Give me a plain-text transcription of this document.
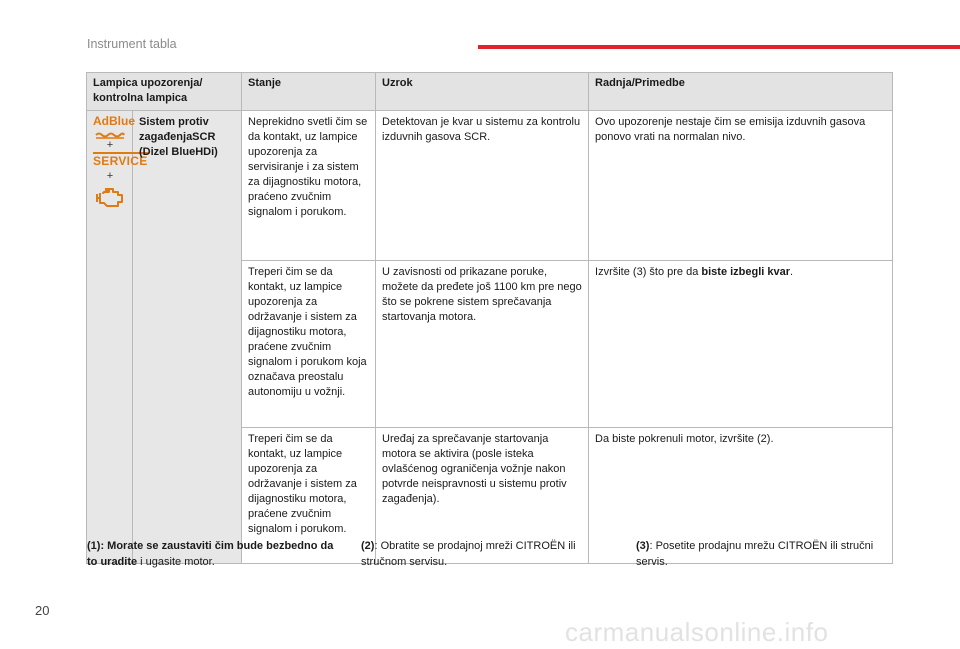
Instrument tabla
Lampica upozorenja/
kontrolna lampica		Stanje	Uzrok	Radnja/Primedbe

AdBlue
+
SERVICE
+	Sistem protiv zagađenjaSCR (Dizel BlueHDi)	Neprekidno svetli čim se da kontakt, uz lampice upozorenja za servisiranje i za sistem za dijagnostiku motora, praćeno zvučnim signalom i porukom.	Detektovan je kvar u sistemu za kontrolu izduvnih gasova SCR.	Ovo upozorenje nestaje čim se emisija izduvnih gasova ponovo vrati na normalan nivo.
		Treperi čim se da kontakt, uz lampice upozorenja za održavanje i sistem za dijagnostiku motora, praćene zvučnim signalom i porukom koja označava preostalu autonomiju u vožnji.	U zavisnosti od prikazane poruke, možete da pređete još 1100 km pre nego što se pokrene sistem sprečavanja startovanja motora.	Izvršite (3) što pre da biste izbegli kvar.
		Treperi čim se da kontakt, uz lampice upozorenja za održavanje i sistem za dijagnostiku motora, praćene zvučnim signalom i porukom.	Uređaj za sprečavanje startovanja motora se aktivira (posle isteka ovlašćenog ograničenja vožnje nakon potvrde neispravnosti u sistemu protiv zagađenja).	Da biste pokrenuli motor, izvršite (2).
(1): Morate se zaustaviti čim bude bezbedno da to uradite i ugasite motor.
(2): Obratite se prodajnoj mreži CITROËN ili stručnom servisu.
(3): Posetite prodajnu mrežu CITROËN ili stručni servis.
20
carmanualsonline.info
